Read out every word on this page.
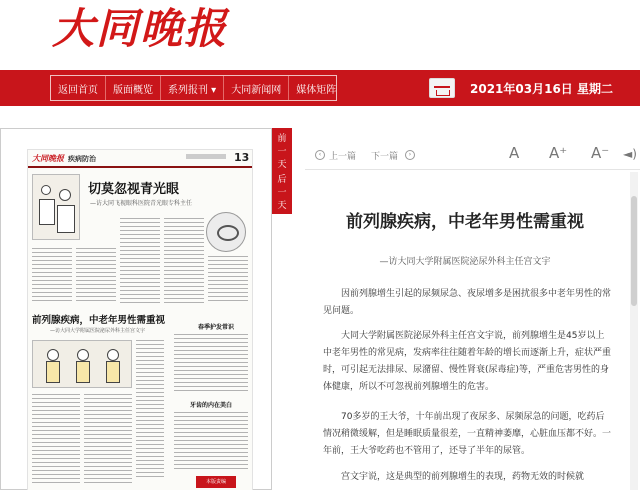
大同晚报
返回首页	版面概览	系列报刊 ▾	大同新闻网	媒体矩阵	2021年03月16日 星期二
大同晚报 疾病防治	13
切莫忽视青光眼
—访大同飞视眼科医院青光眼专科主任
前列腺疾病，中老年男性需重视
—访大同大学附属医院泌尿外科主任宫文宇	春季护发常识
牙齿的内在美白
本版责编
前一天
后一天
‹ 上一篇 下一篇	›	A A⁺ A⁻ ◄)
前列腺疾病，中老年男性需重视
—访大同大学附属医院泌尿外科主任宫文宇

因前列腺增生引起的尿频尿急、夜尿增多是困扰很多中老年男性的常见问题。

大同大学附属医院泌尿外科主任宫文宇说，前列腺增生是45岁以上中老年男性的常见病，发病率往往随着年龄的增长而逐渐上升，症状严重时，可引起无法排尿、尿潴留、慢性肾衰(尿毒症)等，严重危害男性的身体健康，所以不可忽视前列腺增生的危害。

70多岁的王大爷，十年前出现了夜尿多、尿频尿急的问题，吃药后情况稍微缓解，但是睡眠质量很差，一直精神萎靡，心脏血压都不好。一年前，王大爷吃药也不管用了，还导了半年的尿管。

宫文宇说，这是典型的前列腺增生的表现，药物无效的时候就
